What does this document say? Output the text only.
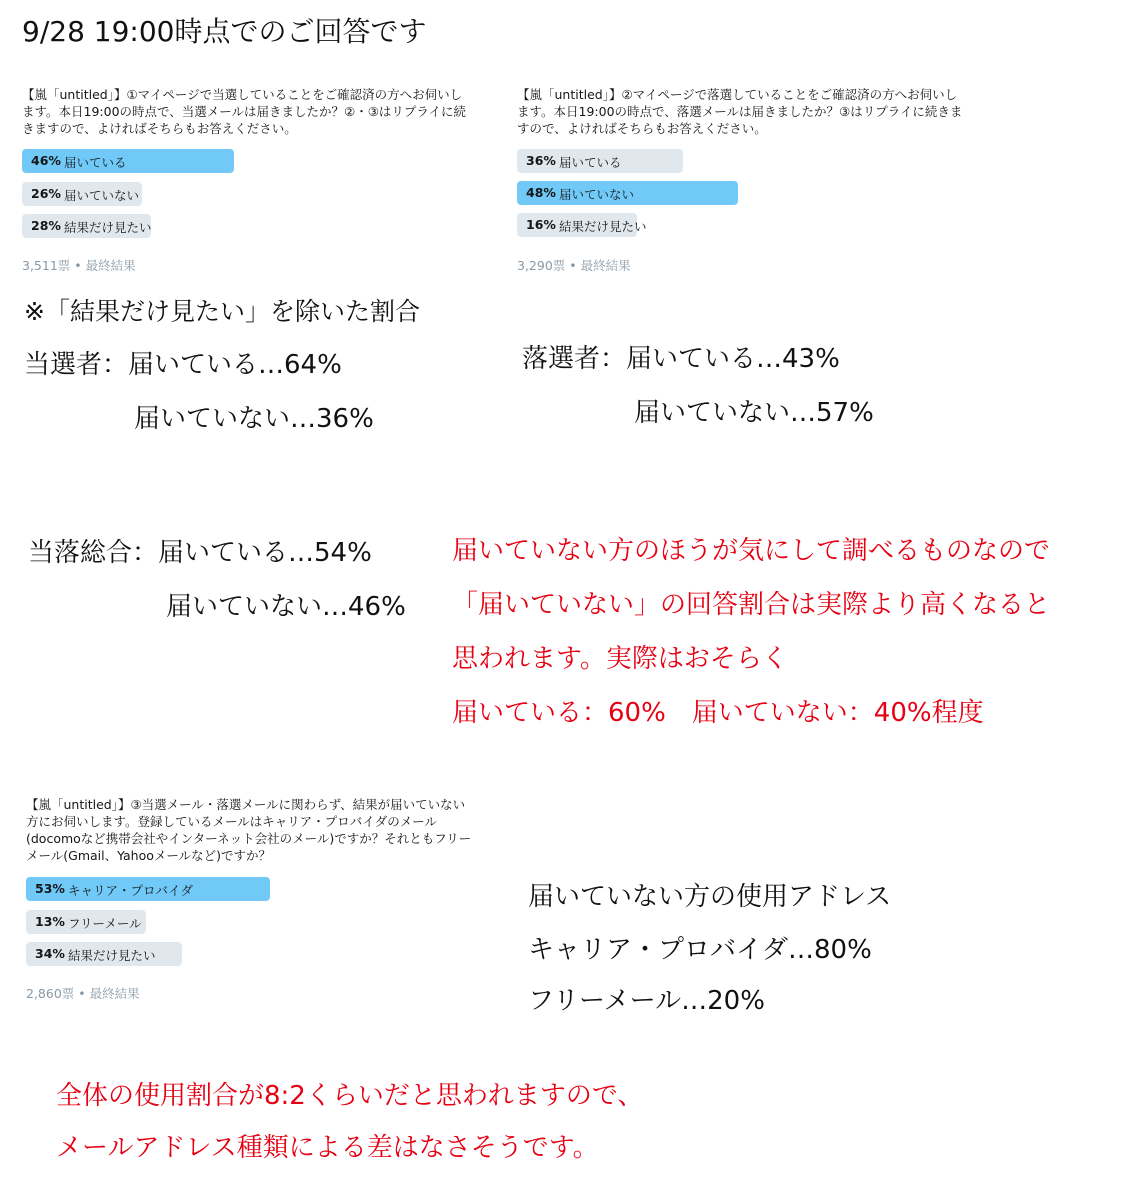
9/28 19:00時点でのご回答です
【嵐「untitled」】①マイページで当選していることをご確認済の方へお伺いし
ます。本日19:00の時点で、当選メールは届きましたか？②・③はリプライに続
きますので、よければそちらもお答えください。
46% 届いている
26% 届いていない
28% 結果だけ見たい
3,511票 • 最終結果
【嵐「untitled」】②マイページで落選していることをご確認済の方へお伺いし
ます。本日19:00の時点で、落選メールは届きましたか？③はリプライに続きま
すので、よければそちらもお答えください。
36% 届いている
48% 届いていない
16% 結果だけ見たい
3,290票 • 最終結果
※「結果だけ見たい」を除いた割合
当選者：届いている…64%
届いていない…36%
落選者：届いている…43%
届いていない…57%
当落総合：届いている…54%
届いていない…46%
届いていない方のほうが気にして調べるものなので
「届いていない」の回答割合は実際より高くなると
思われます。実際はおそらく
届いている：60%　届いていない：40%程度
【嵐「untitled」】③当選メール・落選メールに関わらず、結果が届いていない
方にお伺いします。登録しているメールはキャリア・プロバイダのメール
(docomoなど携帯会社やインターネット会社のメール)ですか？それともフリー
メール(Gmail、Yahooメールなど)ですか？
53% キャリア・プロバイダ
13% フリーメール
34% 結果だけ見たい
2,860票 • 最終結果
届いていない方の使用アドレス
キャリア・プロバイダ…80%
フリーメール…20%
全体の使用割合が8:2くらいだと思われますので、
メールアドレス種類による差はなさそうです。
